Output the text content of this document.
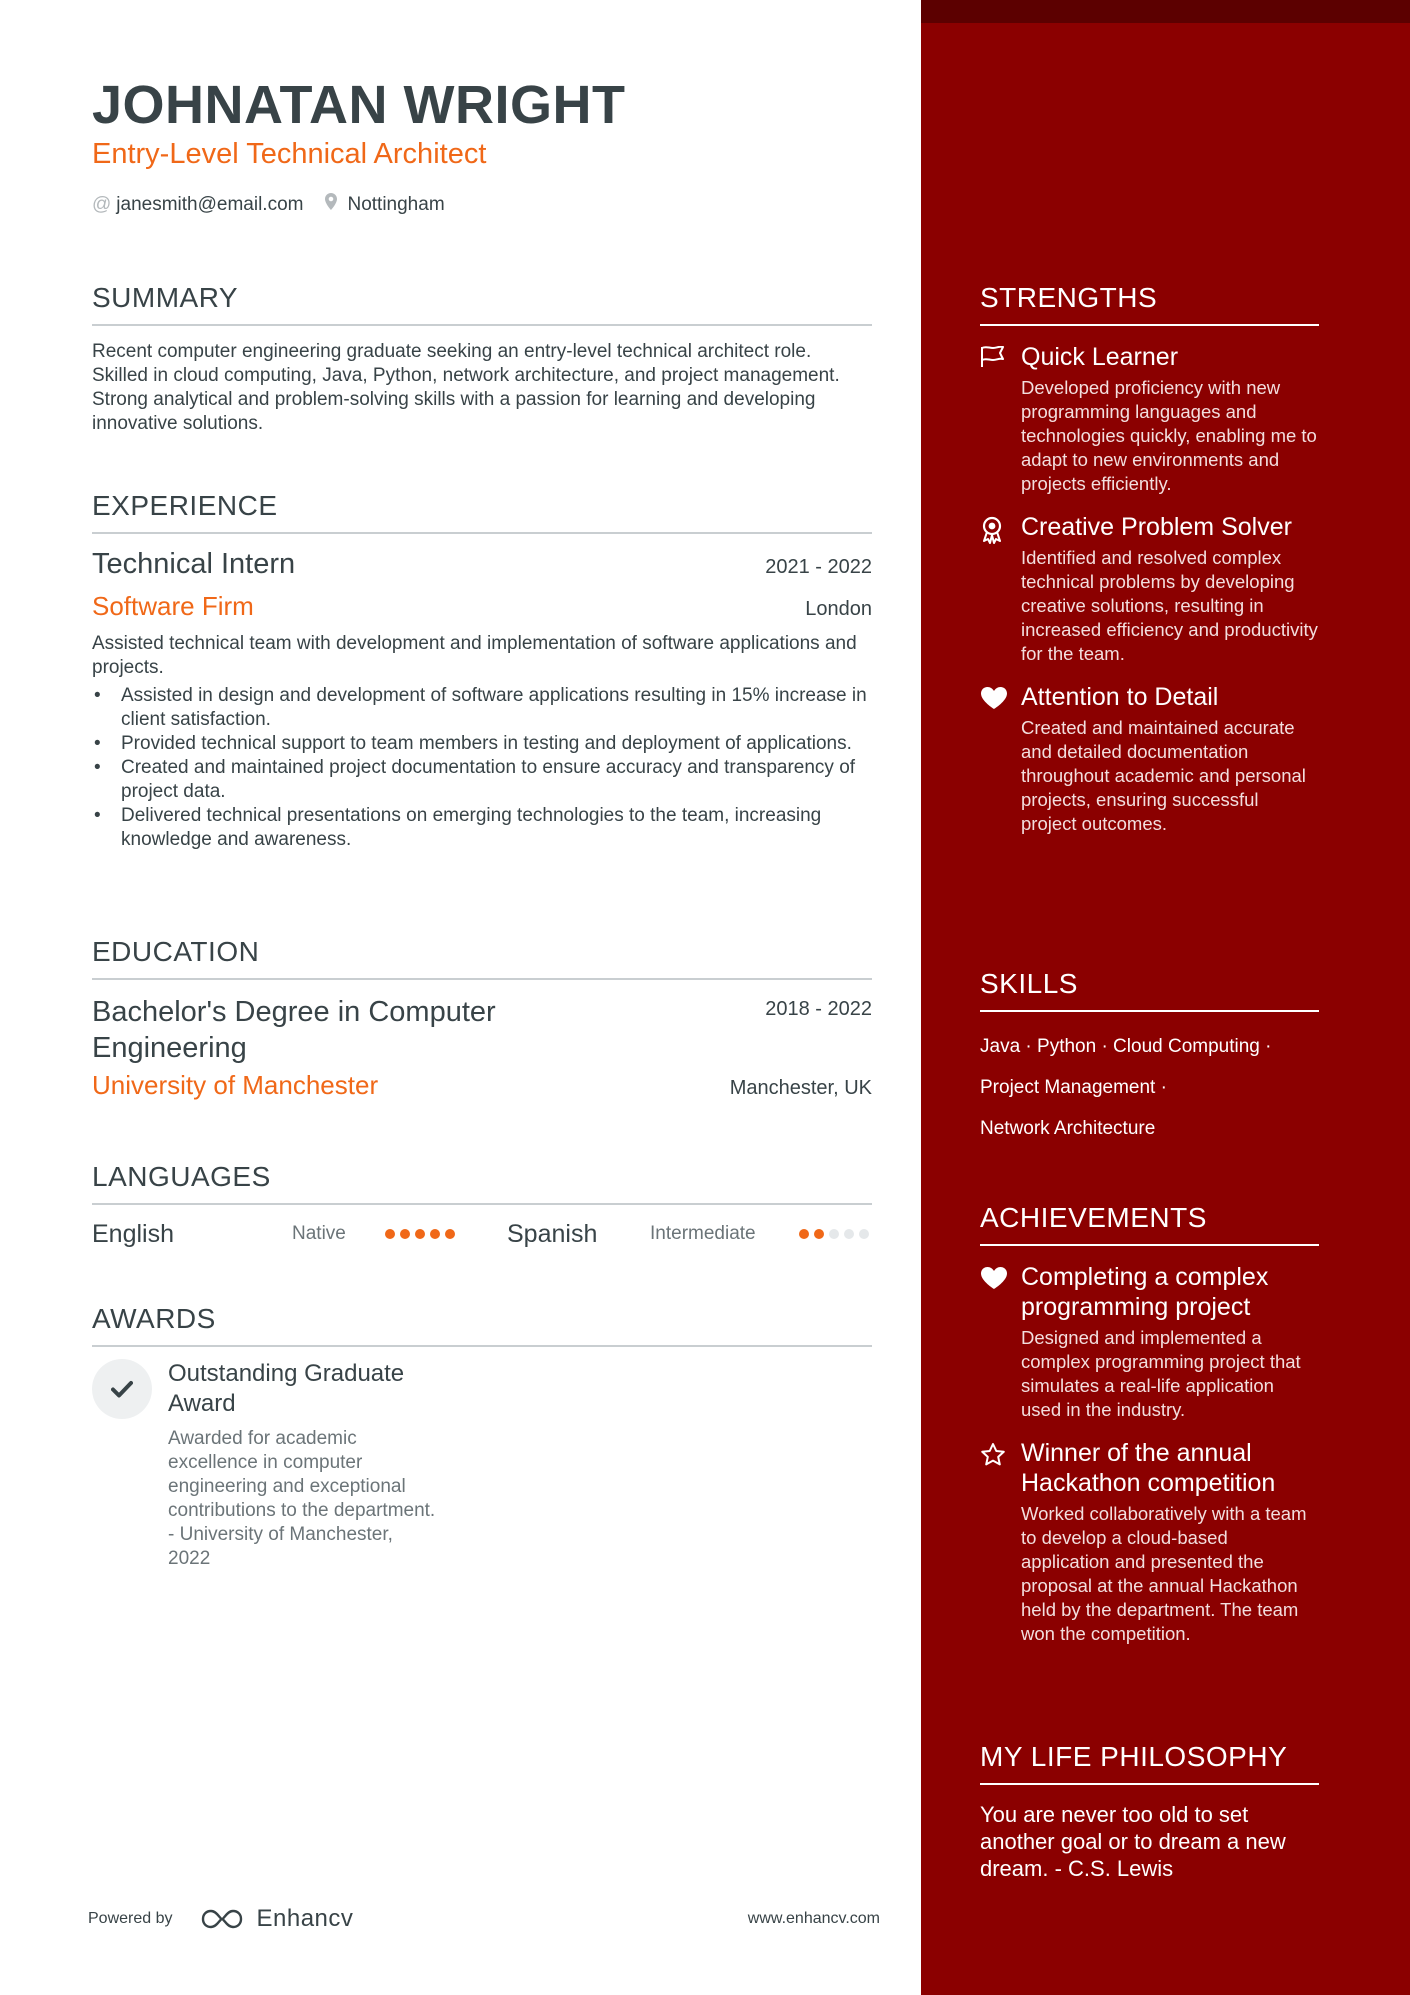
JOHNATAN WRIGHT
Entry-Level Technical Architect
@ janesmith@email.com Nottingham
SUMMARY

Recent computer engineering graduate seeking an entry-level technical architect role. Skilled in cloud computing, Java, Python, network architecture, and project management. Strong analytical and problem-solving skills with a passion for learning and developing innovative solutions.

EXPERIENCE
Technical Intern	2021 - 2022
Software Firm	London
Assisted technical team with development and implementation of software applications and projects.
• Assisted in design and development of software applications resulting in 15% increase in client satisfaction.
• Provided technical support to team members in testing and deployment of applications.
• Created and maintained project documentation to ensure accuracy and transparency of project data.
• Delivered technical presentations on emerging technologies to the team, increasing knowledge and awareness.
EDUCATION
Bachelor's Degree in Computer Engineering
2018 - 2022
University of Manchester	Manchester, UK
LANGUAGES
English	Native	Spanish	Intermediate
AWARDS
Outstanding Graduate Award
Awarded for academic excellence in computer engineering and exceptional contributions to the department. - University of Manchester, 2022
Powered by	Enhancv	www.enhancv.com
STRENGTHS
Quick Learner
Developed proficiency with new programming languages and technologies quickly, enabling me to adapt to new environments and projects efficiently.
Creative Problem Solver
Identified and resolved complex technical problems by developing creative solutions, resulting in increased efficiency and productivity for the team.
Attention to Detail
Created and maintained accurate and detailed documentation throughout academic and personal projects, ensuring successful project outcomes.
SKILLS
Java · Python · Cloud Computing ·
Project Management ·
Network Architecture
ACHIEVEMENTS
Completing a complex programming project
Designed and implemented a complex programming project that simulates a real-life application used in the industry.
Winner of the annual Hackathon competition
Worked collaboratively with a team to develop a cloud-based application and presented the proposal at the annual Hackathon held by the department. The team won the competition.
MY LIFE PHILOSOPHY
You are never too old to set another goal or to dream a new dream. - C.S. Lewis
